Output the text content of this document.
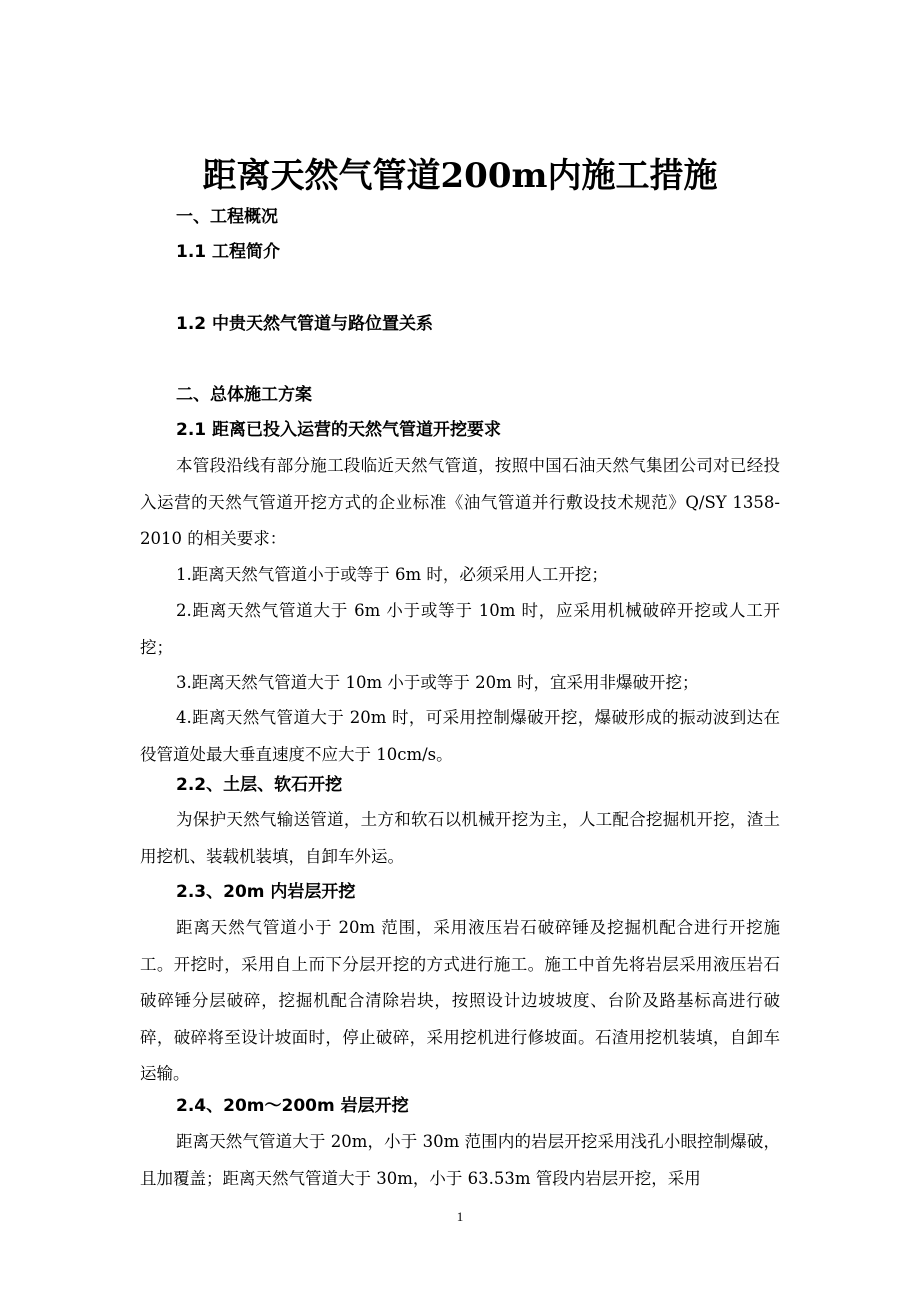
距离天然气管道200m内施工措施
一、工程概况
1.1 工程简介
1.2 中贵天然气管道与路位置关系
二、总体施工方案
2.1 距离已投入运营的天然气管道开挖要求
本管段沿线有部分施工段临近天然气管道，按照中国石油天然气集团公司对已经投入运营的天然气管道开挖方式的企业标准《油气管道并行敷设技术规范》Q/SY 1358-2010 的相关要求：
1.距离天然气管道小于或等于 6m 时，必须采用人工开挖；
2.距离天然气管道大于 6m 小于或等于 10m 时，应采用机械破碎开挖或人工开挖；
3.距离天然气管道大于 10m 小于或等于 20m 时，宜采用非爆破开挖；
4.距离天然气管道大于 20m 时，可采用控制爆破开挖，爆破形成的振动波到达在役管道处最大垂直速度不应大于 10cm/s。
2.2、土层、软石开挖
为保护天然气输送管道，土方和软石以机械开挖为主，人工配合挖掘机开挖，渣土用挖机、装载机装填，自卸车外运。
2.3、20m 内岩层开挖
距离天然气管道小于 20m 范围，采用液压岩石破碎锤及挖掘机配合进行开挖施工。开挖时，采用自上而下分层开挖的方式进行施工。施工中首先将岩层采用液压岩石破碎锤分层破碎，挖掘机配合清除岩块，按照设计边坡坡度、台阶及路基标高进行破碎，破碎将至设计坡面时，停止破碎，采用挖机进行修坡面。石渣用挖机装填，自卸车运输。
2.4、20m～200m 岩层开挖
距离天然气管道大于 20m，小于 30m 范围内的岩层开挖采用浅孔小眼控制爆破，且加覆盖；距离天然气管道大于 30m，小于 63.53m 管段内岩层开挖，采用
1
